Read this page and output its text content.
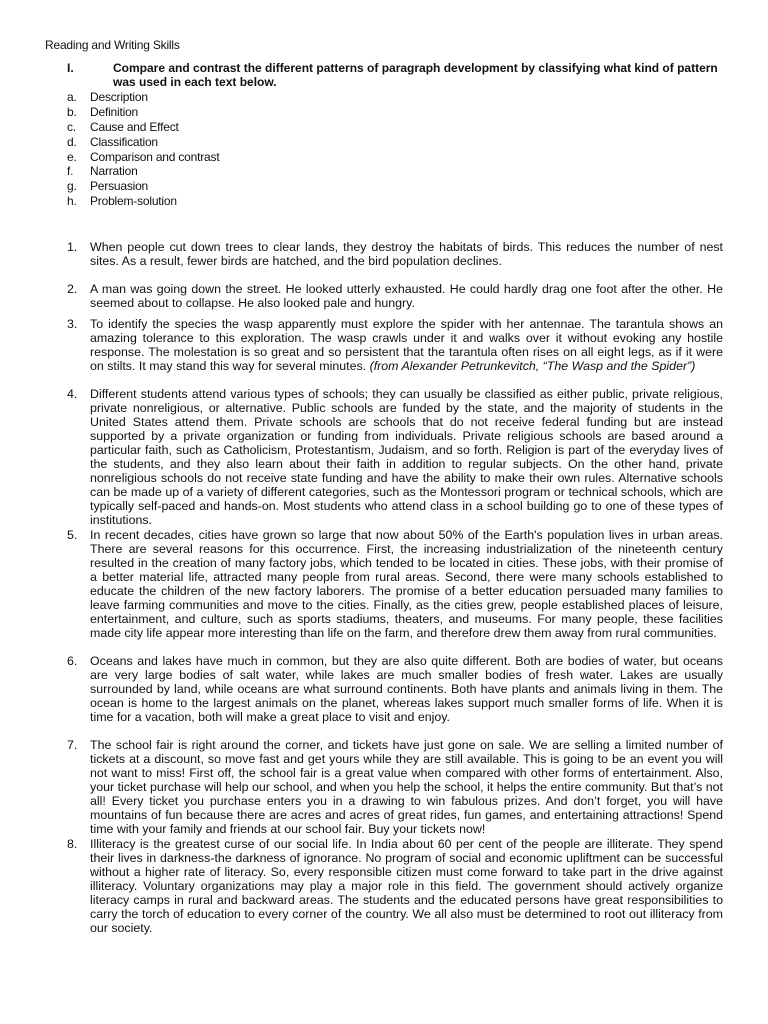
Reading and Writing Skills
I.	Compare and contrast the different patterns of paragraph development by classifying what kind of pattern was used in each text below.
a.	Description
b.	Definition
c.	Cause and Effect
d.	Classification
e.	Comparison and contrast
f.	Narration
g.	Persuasion
h.	Problem-solution
1. When people cut down trees to clear lands, they destroy the habitats of birds. This reduces the number of nest sites. As a result, fewer birds are hatched, and the bird population declines.
2. A man was going down the street. He looked utterly exhausted. He could hardly drag one foot after the other. He seemed about to collapse. He also looked pale and hungry.
3. To identify the species the wasp apparently must explore the spider with her antennae. The tarantula shows an amazing tolerance to this exploration. The wasp crawls under it and walks over it without evoking any hostile response. The molestation is so great and so persistent that the tarantula often rises on all eight legs, as if it were on stilts. It may stand this way for several minutes. (from Alexander Petrunkevitch, “The Wasp and the Spider”)
4. Different students attend various types of schools; they can usually be classified as either public, private religious, private nonreligious, or alternative. Public schools are funded by the state, and the majority of students in the United States attend them. Private schools are schools that do not receive federal funding but are instead supported by a private organization or funding from individuals. Private religious schools are based around a particular faith, such as Catholicism, Protestantism, Judaism, and so forth. Religion is part of the everyday lives of the students, and they also learn about their faith in addition to regular subjects. On the other hand, private nonreligious schools do not receive state funding and have the ability to make their own rules. Alternative schools can be made up of a variety of different categories, such as the Montessori program or technical schools, which are typically self-paced and hands-on. Most students who attend class in a school building go to one of these types of institutions.
5. In recent decades, cities have grown so large that now about 50% of the Earth's population lives in urban areas. There are several reasons for this occurrence. First, the increasing industrialization of the nineteenth century resulted in the creation of many factory jobs, which tended to be located in cities. These jobs, with their promise of a better material life, attracted many people from rural areas. Second, there were many schools established to educate the children of the new factory laborers. The promise of a better education persuaded many families to leave farming communities and move to the cities. Finally, as the cities grew, people established places of leisure, entertainment, and culture, such as sports stadiums, theaters, and museums. For many people, these facilities made city life appear more interesting than life on the farm, and therefore drew them away from rural communities.
6. Oceans and lakes have much in common, but they are also quite different. Both are bodies of water, but oceans are very large bodies of salt water, while lakes are much smaller bodies of fresh water. Lakes are usually surrounded by land, while oceans are what surround continents. Both have plants and animals living in them. The ocean is home to the largest animals on the planet, whereas lakes support much smaller forms of life. When it is time for a vacation, both will make a great place to visit and enjoy.
7. The school fair is right around the corner, and tickets have just gone on sale. We are selling a limited number of tickets at a discount, so move fast and get yours while they are still available. This is going to be an event you will not want to miss! First off, the school fair is a great value when compared with other forms of entertainment. Also, your ticket purchase will help our school, and when you help the school, it helps the entire community. But that’s not all! Every ticket you purchase enters you in a drawing to win fabulous prizes. And don’t forget, you will have mountains of fun because there are acres and acres of great rides, fun games, and entertaining attractions! Spend time with your family and friends at our school fair. Buy your tickets now!
8. Illiteracy is the greatest curse of our social life. In India about 60 per cent of the people are illiterate. They spend their lives in darkness-the darkness of ignorance. No program of social and economic upliftment can be successful without a higher rate of literacy. So, every responsible citizen must come forward to take part in the drive against illiteracy. Voluntary organizations may play a major role in this field. The government should actively organize literacy camps in rural and backward areas. The students and the educated persons have great responsibilities to carry the torch of education to every corner of the country. We all also must be determined to root out illiteracy from our society.
